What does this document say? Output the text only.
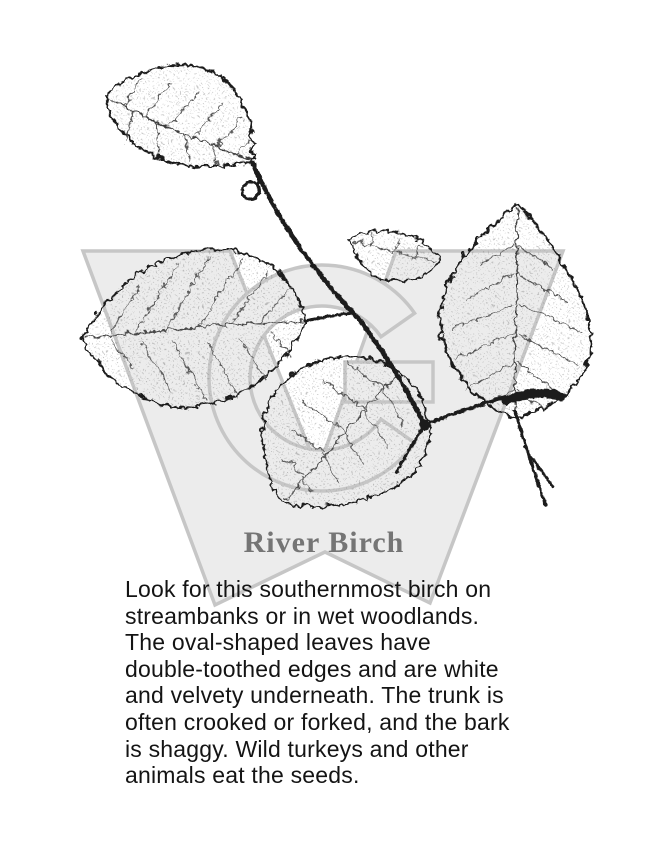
River Birch
Look for this southernmost birch on
streambanks or in wet woodlands.
The oval-shaped leaves have
double-toothed edges and are white
and velvety underneath. The trunk is
often crooked or forked, and the bark
is shaggy. Wild turkeys and other
animals eat the seeds.
